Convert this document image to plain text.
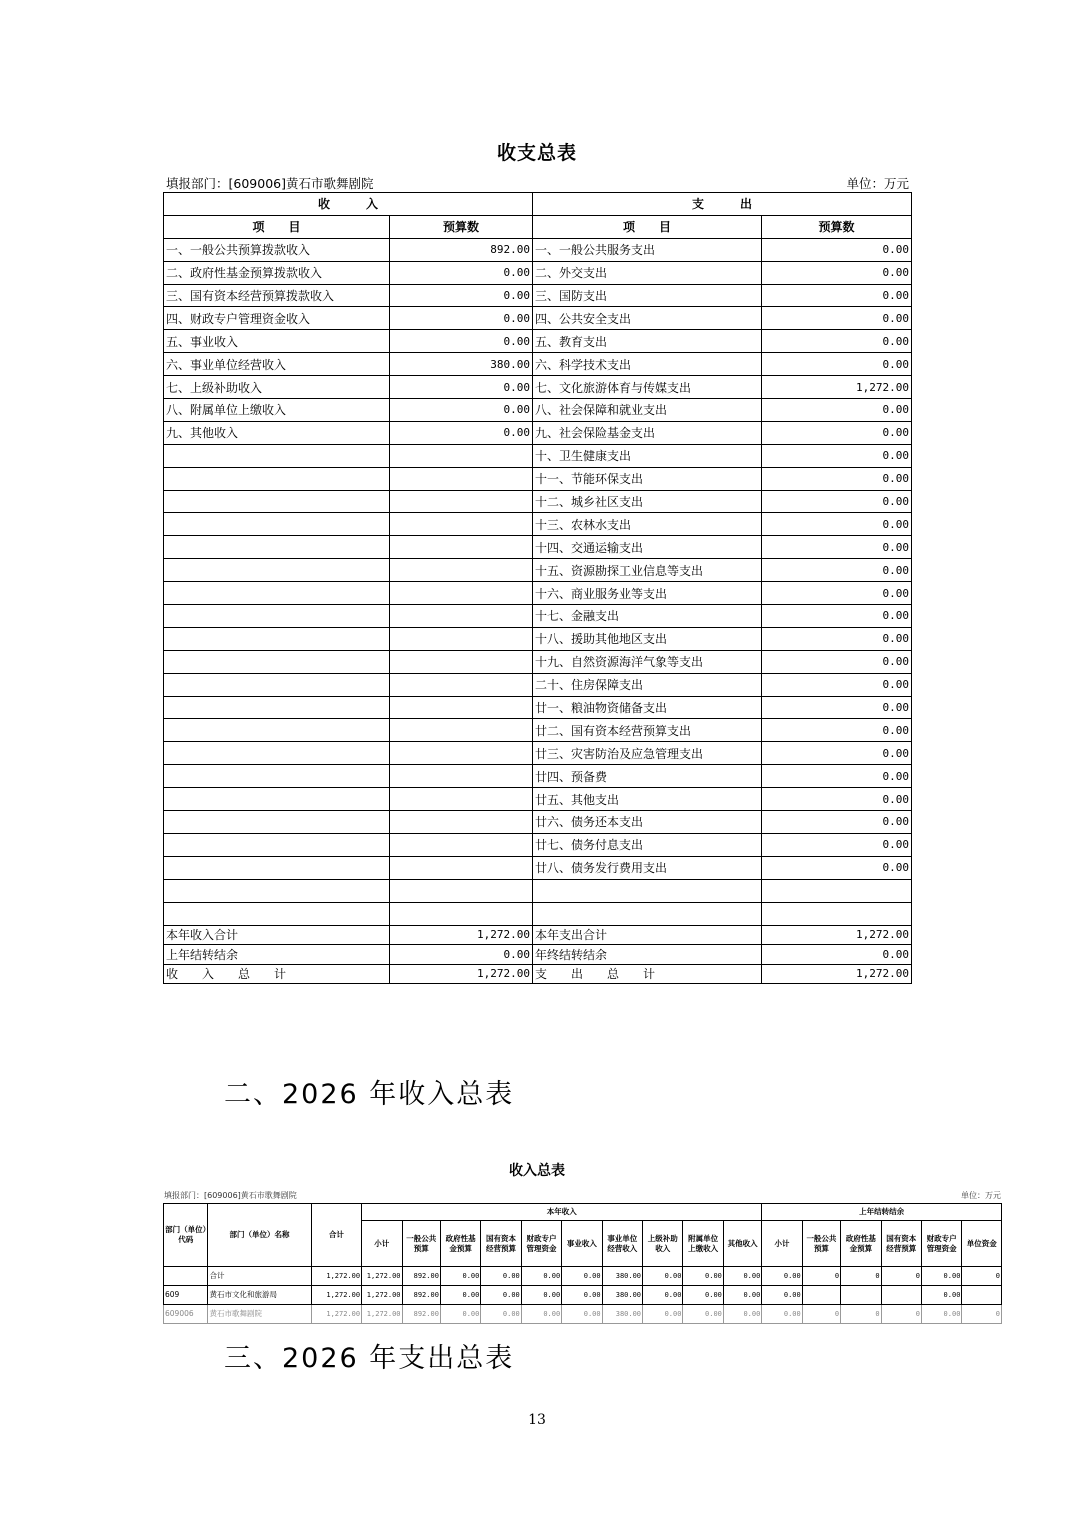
收支总表
填报部门：[609006]黄石市歌舞剧院	单位：万元
收　　　入		支　　　出	
项　　目	预算数	项　　目	预算数
一、一般公共预算拨款收入	892.00	一、一般公共服务支出	0.00
二、政府性基金预算拨款收入	0.00	二、外交支出	0.00
三、国有资本经营预算拨款收入	0.00	三、国防支出	0.00
四、财政专户管理资金收入	0.00	四、公共安全支出	0.00
五、事业收入	0.00	五、教育支出	0.00
六、事业单位经营收入	380.00	六、科学技术支出	0.00
七、上级补助收入	0.00	七、文化旅游体育与传媒支出	1,272.00
八、附属单位上缴收入	0.00	八、社会保障和就业支出	0.00
九、其他收入	0.00	九、社会保险基金支出	0.00
		十、卫生健康支出	0.00
		十一、节能环保支出	0.00
		十二、城乡社区支出	0.00
		十三、农林水支出	0.00
		十四、交通运输支出	0.00
		十五、资源勘探工业信息等支出	0.00
		十六、商业服务业等支出	0.00
		十七、金融支出	0.00
		十八、援助其他地区支出	0.00
		十九、自然资源海洋气象等支出	0.00
		二十、住房保障支出	0.00
		廿一、粮油物资储备支出	0.00
		廿二、国有资本经营预算支出	0.00
		廿三、灾害防治及应急管理支出	0.00
		廿四、预备费	0.00
		廿五、其他支出	0.00
		廿六、债务还本支出	0.00
		廿七、债务付息支出	0.00
		廿八、债务发行费用支出	0.00

本年收入合计	1,272.00	本年支出合计	1,272.00
上年结转结余	0.00	年终结转结余	0.00
收　　入　　总　　计	1,272.00	支　　出　　总　　计	1,272.00
二、2026 年收入总表
收入总表
填报部门：[609006]黄石市歌舞剧院	单位：万元
部门（单位）代码	部门（单位）名称	合计	本年收入										上年结转结余					
			小计	一般公共预算	政府性基金预算	国有资本经营预算	财政专户管理资金	事业收入	事业单位经营收入	上级补助收入	附属单位上缴收入	其他收入	小计	一般公共预算	政府性基金预算	国有资本经营预算	财政专户管理资金	单位资金
	合计	1,272.00	1,272.00	892.00	0.00	0.00	0.00	0.00	380.00	0.00	0.00	0.00	0.00	0	0	0	0.00	0
609	黄石市文化和旅游局	1,272.00	1,272.00	892.00	0.00	0.00	0.00	0.00	380.00	0.00	0.00	0.00	0.00				0.00	
609006	黄石市歌舞剧院	1,272.00	1,272.00	892.00	0.00	0.00	0.00	0.00	380.00	0.00	0.00	0.00	0.00	0	0	0	0.00	0
三、2026 年支出总表
13
